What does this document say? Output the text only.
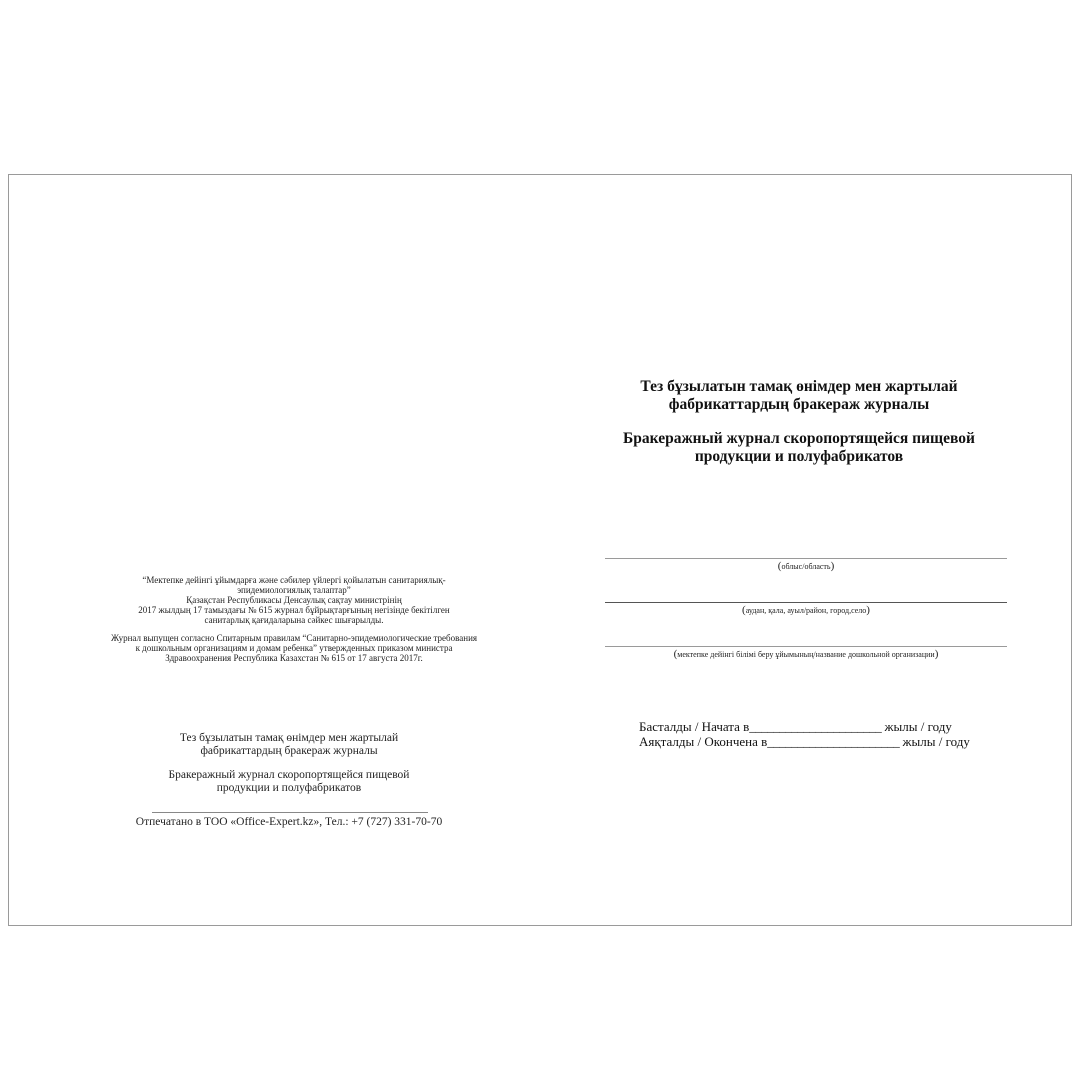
“Мектепке дейінгі ұйымдарға және сәбилер үйлергі қойылатын санитариялық-

эпидемиологиялық талаптар”

Қазақстан Республикасы Денсаулық сақтау министрінің

2017 жылдың 17 тамыздағы № 615 журнал бұйрықтарғының негізінде бекітілген

санитарлық қағидаларына сәйкес шығарылды.

Журнал выпущен согласно Спитарным правилам “Санитарно-эпидемиологические требования

к дошкольным организациям и домам ребенка” утвержденных приказом министра

Здравоохранения Республика Казахстан № 615 от 17 августа 2017г.

Тез бұзылатын тамақ өнімдер мен жартылай

фабрикаттардың бракераж журналы

Бракеражный журнал скоропортящейся пищевой

продукции и полуфабрикатов

Отпечатано в ТОО «Office-Expert.kz», Тел.: +7 (727) 331-70-70

Тез бұзылатын тамақ өнімдер мен жартылай

фабрикаттардың бракераж журналы

Бракеражный журнал скоропортящейся пищевой

продукции и полуфабрикатов

(облыс/область)
(аудан, қала, ауыл/район, город,село)
(мектепке дейінгі білімі беру ұйымының/название дошкольной организации)
Басталды / Начата в______________________ жылы / году
Аяқталды / Окончена в______________________ жылы / году
